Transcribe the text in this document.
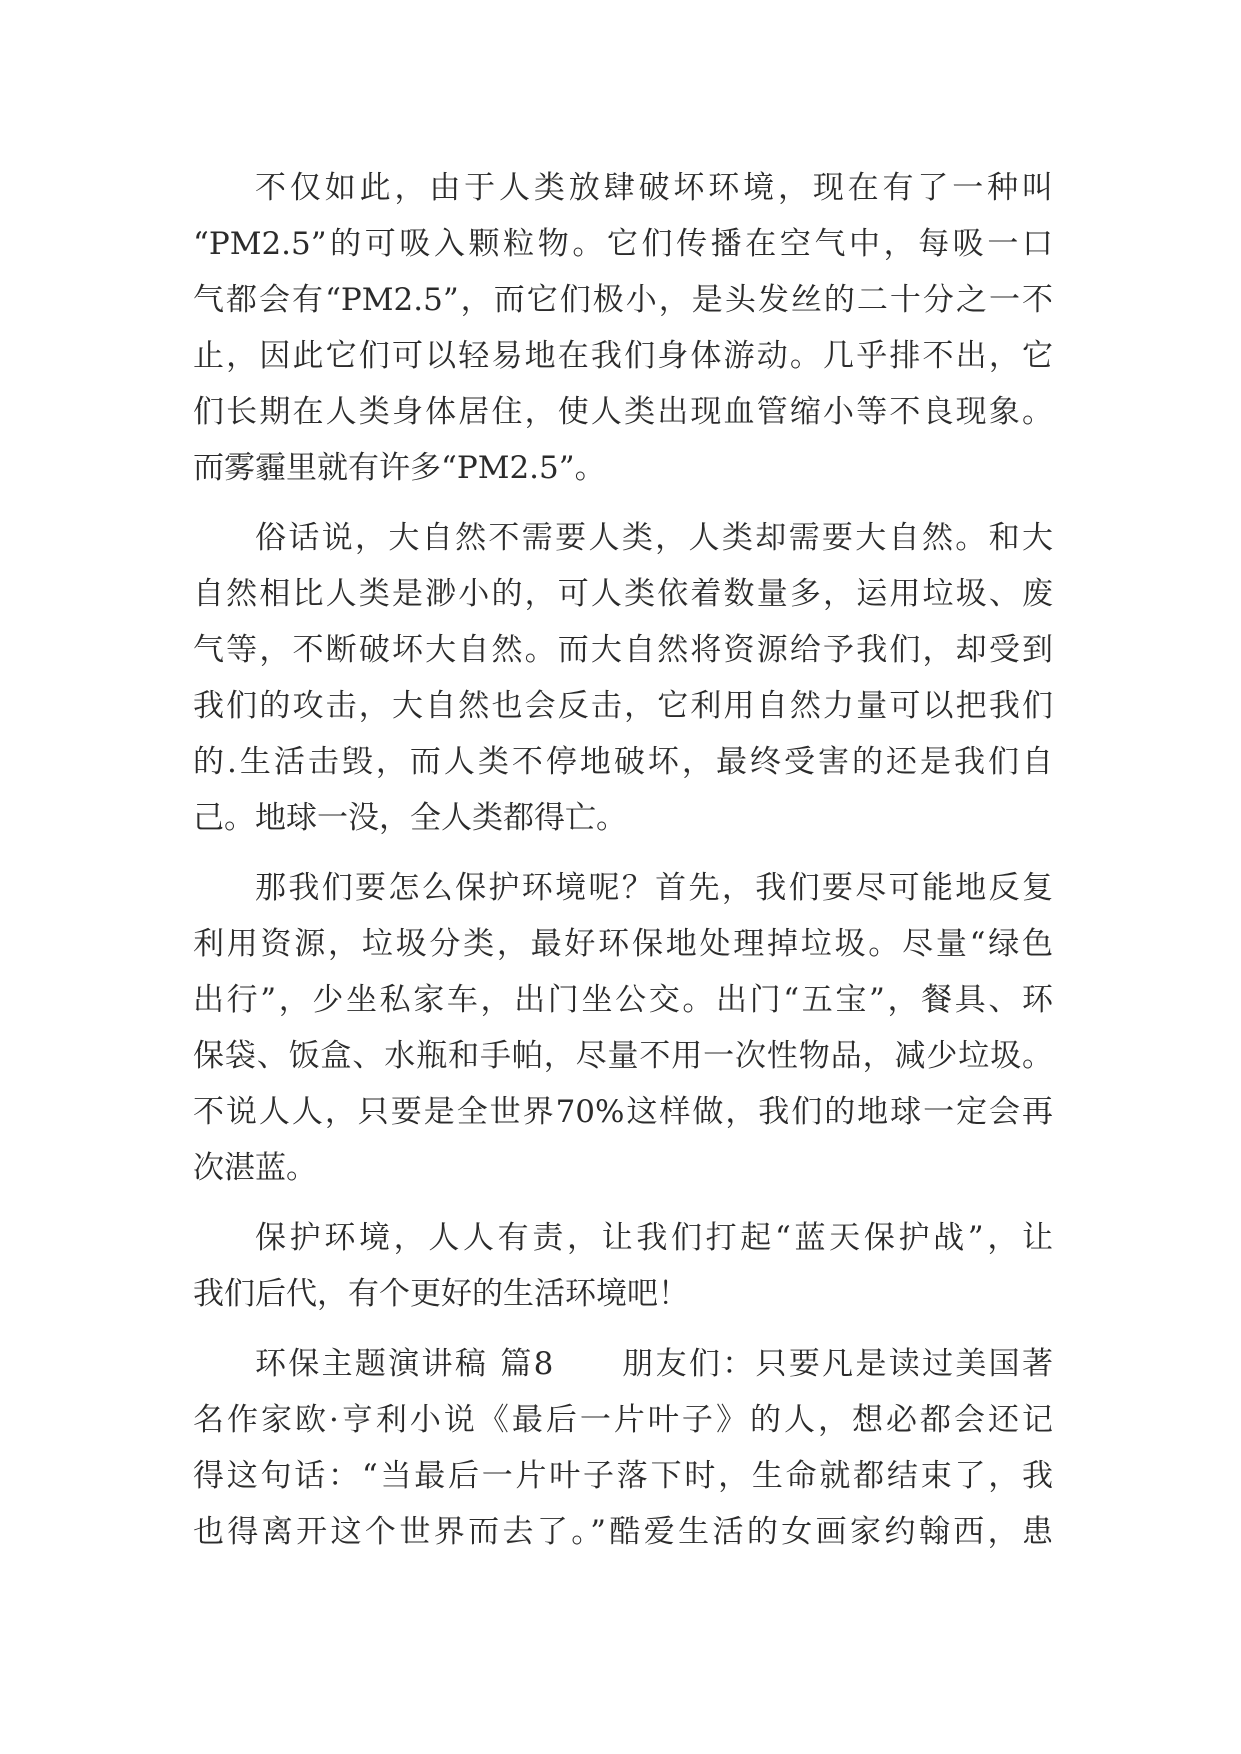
不仅如此，由于人类放肆破坏环境，现在有了一种叫
“PM2.5”的可吸入颗粒物。它们传播在空气中，每吸一口
气都会有“PM2.5”，而它们极小，是头发丝的二十分之一不
止，因此它们可以轻易地在我们身体游动。几乎排不出，它
们长期在人类身体居住，使人类出现血管缩小等不良现象。
而雾霾里就有许多“PM2.5”。
俗话说，大自然不需要人类，人类却需要大自然。和大
自然相比人类是渺小的，可人类依着数量多，运用垃圾、废
气等，不断破坏大自然。而大自然将资源给予我们，却受到
我们的攻击，大自然也会反击，它利用自然力量可以把我们
的.生活击毁，而人类不停地破坏，最终受害的还是我们自
己。地球一没，全人类都得亡。
那我们要怎么保护环境呢？首先，我们要尽可能地反复
利用资源，垃圾分类，最好环保地处理掉垃圾。尽量“绿色
出行”，少坐私家车，出门坐公交。出门“五宝”，餐具、环
保袋、饭盒、水瓶和手帕，尽量不用一次性物品，减少垃圾。
不说人人，只要是全世界70%这样做，我们的地球一定会再
次湛蓝。
保护环境，人人有责，让我们打起“蓝天保护战”，让
我们后代，有个更好的生活环境吧！
环保主题演讲稿 篇8　　朋友们：只要凡是读过美国著
名作家欧·亨利小说《最后一片叶子》的人，想必都会还记
得这句话：“当最后一片叶子落下时，生命就都结束了，我
也得离开这个世界而去了。”酷爱生活的女画家约翰西，患
